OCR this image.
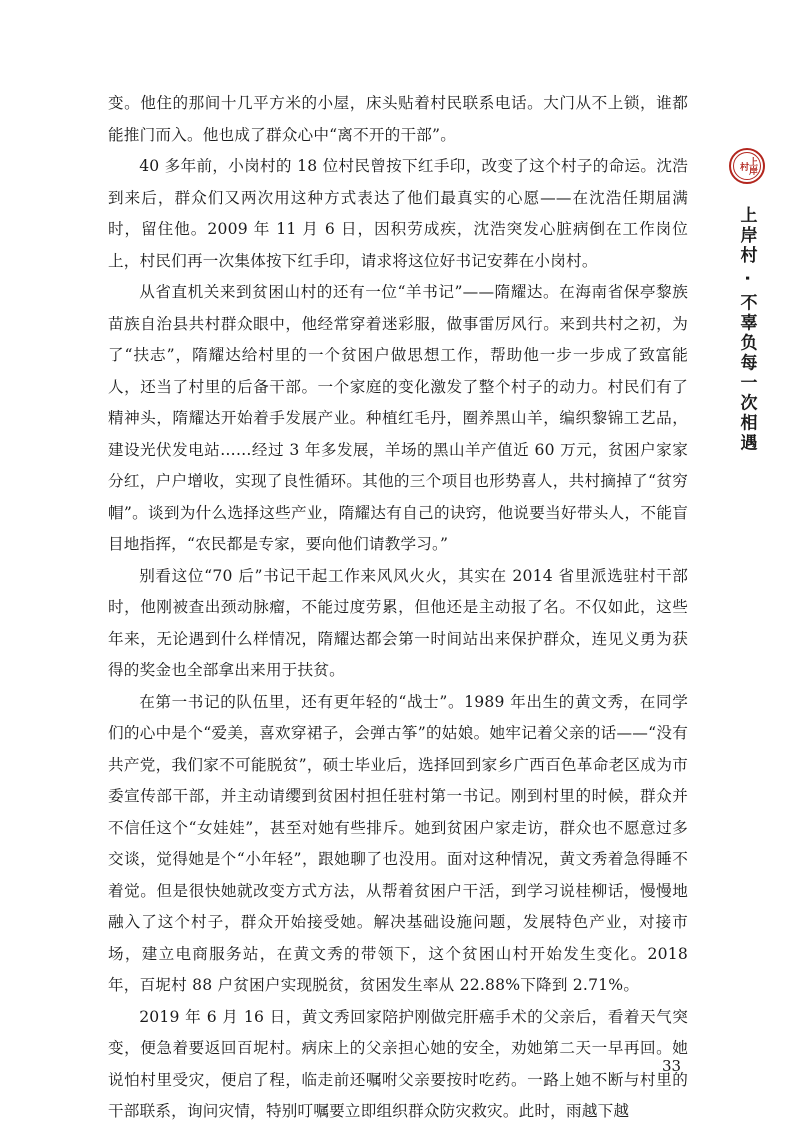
变。他住的那间十几平方米的小屋，床头贴着村民联系电话。大门从不上锁，谁都能推门而入。他也成了群众心中“离不开的干部”。

40 多年前，小岗村的 18 位村民曾按下红手印，改变了这个村子的命运。沈浩到来后，群众们又两次用这种方式表达了他们最真实的心愿——在沈浩任期届满时，留住他。2009 年 11 月 6 日，因积劳成疾，沈浩突发心脏病倒在工作岗位上，村民们再一次集体按下红手印，请求将这位好书记安葬在小岗村。

从省直机关来到贫困山村的还有一位“羊书记”——隋耀达。在海南省保亭黎族苗族自治县共村群众眼中，他经常穿着迷彩服，做事雷厉风行。来到共村之初，为了“扶志”，隋耀达给村里的一个贫困户做思想工作，帮助他一步一步成了致富能人，还当了村里的后备干部。一个家庭的变化激发了整个村子的动力。村民们有了精神头，隋耀达开始着手发展产业。种植红毛丹，圈养黑山羊，编织黎锦工艺品，建设光伏发电站……经过 3 年多发展，羊场的黑山羊产值近 60 万元，贫困户家家分红，户户增收，实现了良性循环。其他的三个项目也形势喜人，共村摘掉了“贫穷帽”。谈到为什么选择这些产业，隋耀达有自己的诀窍，他说要当好带头人，不能盲目地指挥，“农民都是专家，要向他们请教学习。”

别看这位“70 后”书记干起工作来风风火火，其实在 2014 省里派选驻村干部时，他刚被查出颈动脉瘤，不能过度劳累，但他还是主动报了名。不仅如此，这些年来，无论遇到什么样情况，隋耀达都会第一时间站出来保护群众，连见义勇为获得的奖金也全部拿出来用于扶贫。

在第一书记的队伍里，还有更年轻的“战士”。1989 年出生的黄文秀，在同学们的心中是个“爱美，喜欢穿裙子，会弹古筝”的姑娘。她牢记着父亲的话——“没有共产党，我们家不可能脱贫”，硕士毕业后，选择回到家乡广西百色革命老区成为市委宣传部干部，并主动请缨到贫困村担任驻村第一书记。刚到村里的时候，群众并不信任这个“女娃娃”，甚至对她有些排斥。她到贫困户家走访，群众也不愿意过多交谈，觉得她是个“小年轻”，跟她聊了也没用。面对这种情况，黄文秀着急得睡不着觉。但是很快她就改变方式方法，从帮着贫困户干活，到学习说桂柳话，慢慢地融入了这个村子，群众开始接受她。解决基础设施问题，发展特色产业，对接市场，建立电商服务站，在黄文秀的带领下，这个贫困山村开始发生变化。2018 年，百坭村 88 户贫困户实现脱贫，贫困发生率从 22.88%下降到 2.71%。

2019 年 6 月 16 日，黄文秀回家陪护刚做完肝癌手术的父亲后，看着天气突变，便急着要返回百坭村。病床上的父亲担心她的安全，劝她第二天一早再回。她说怕村里受灾，便启了程，临走前还嘱咐父亲要按时吃药。一路上她不断与村里的干部联系，询问灾情，特别叮嘱要立即组织群众防灾救灾。此时，雨越下越

上岸村
上岸村 · 不辜负每一次相遇
33
